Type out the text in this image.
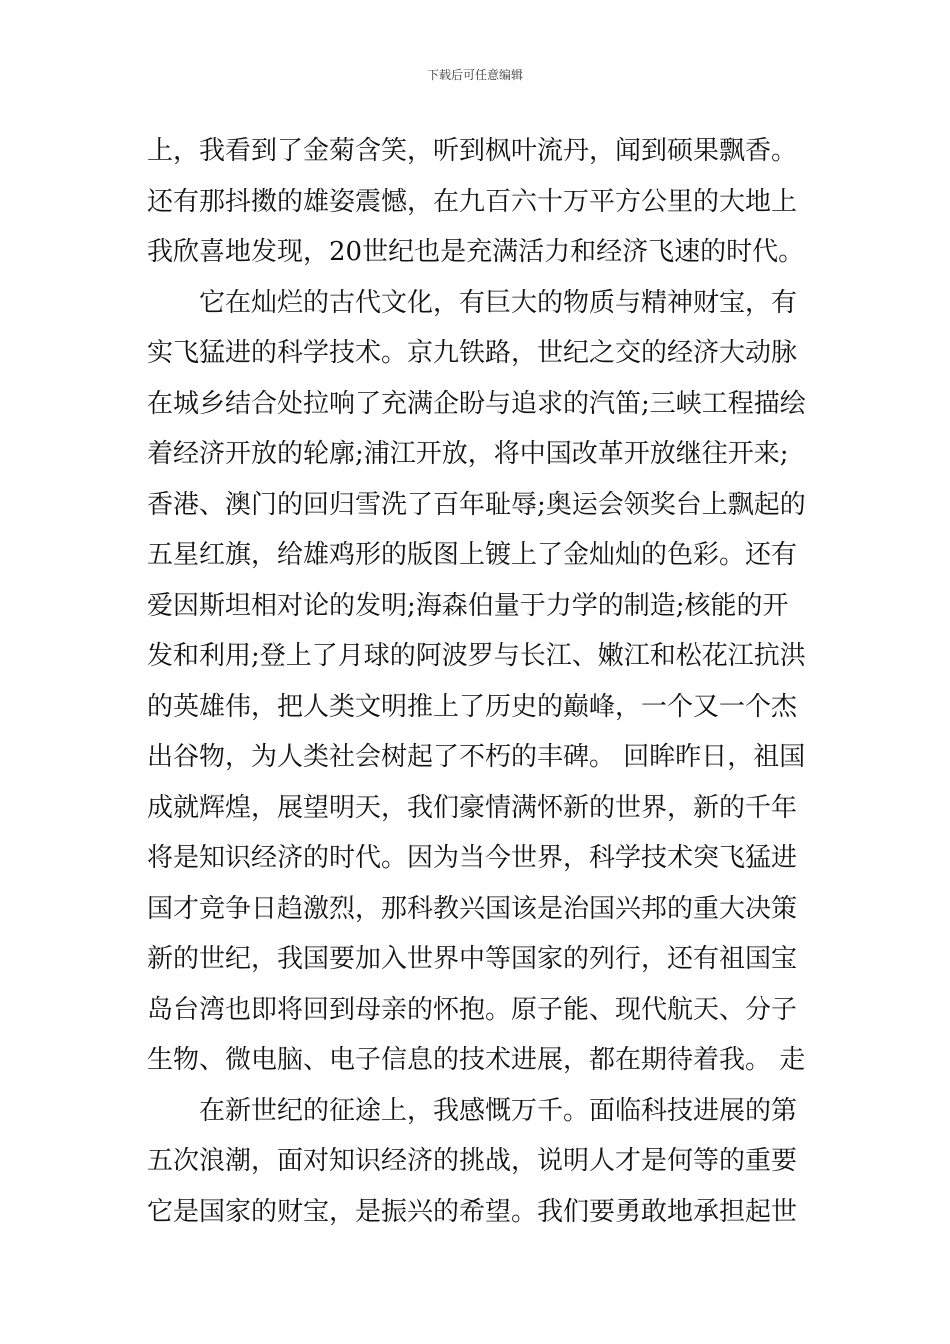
下载后可任意编辑
上，我看到了金菊含笑，听到枫叶流丹，闻到硕果飘香。
还有那抖擞的雄姿震憾，在九百六十万平方公里的大地上
我欣喜地发现，20世纪也是充满活力和经济飞速的时代。
它在灿烂的古代文化，有巨大的物质与精神财宝，有
实飞猛进的科学技术。京九铁路，世纪之交的经济大动脉
在城乡结合处拉响了充满企盼与追求的汽笛;三峡工程描绘
着经济开放的轮廓;浦江开放，将中国改革开放继往开来;
香港、澳门的回归雪洗了百年耻辱;奥运会领奖台上飘起的
五星红旗，给雄鸡形的版图上镀上了金灿灿的色彩。还有
爱因斯坦相对论的发明;海森伯量于力学的制造;核能的开
发和利用;登上了月球的阿波罗与长江、嫩江和松花江抗洪
的英雄伟，把人类文明推上了历史的巅峰，一个又一个杰
出谷物，为人类社会树起了不朽的丰碑。 回眸昨日，祖国
成就辉煌，展望明天，我们豪情满怀新的世界，新的千年
将是知识经济的时代。因为当今世界，科学技术突飞猛进
国才竞争日趋激烈，那科教兴国该是治国兴邦的重大决策
新的世纪，我国要加入世界中等国家的列行，还有祖国宝
岛台湾也即将回到母亲的怀抱。原子能、现代航天、分子
生物、微电脑、电子信息的技术进展，都在期待着我。 走
在新世纪的征途上，我感慨万千。面临科技进展的第
五次浪潮，面对知识经济的挑战，说明人才是何等的重要
它是国家的财宝，是振兴的希望。我们要勇敢地承担起世
